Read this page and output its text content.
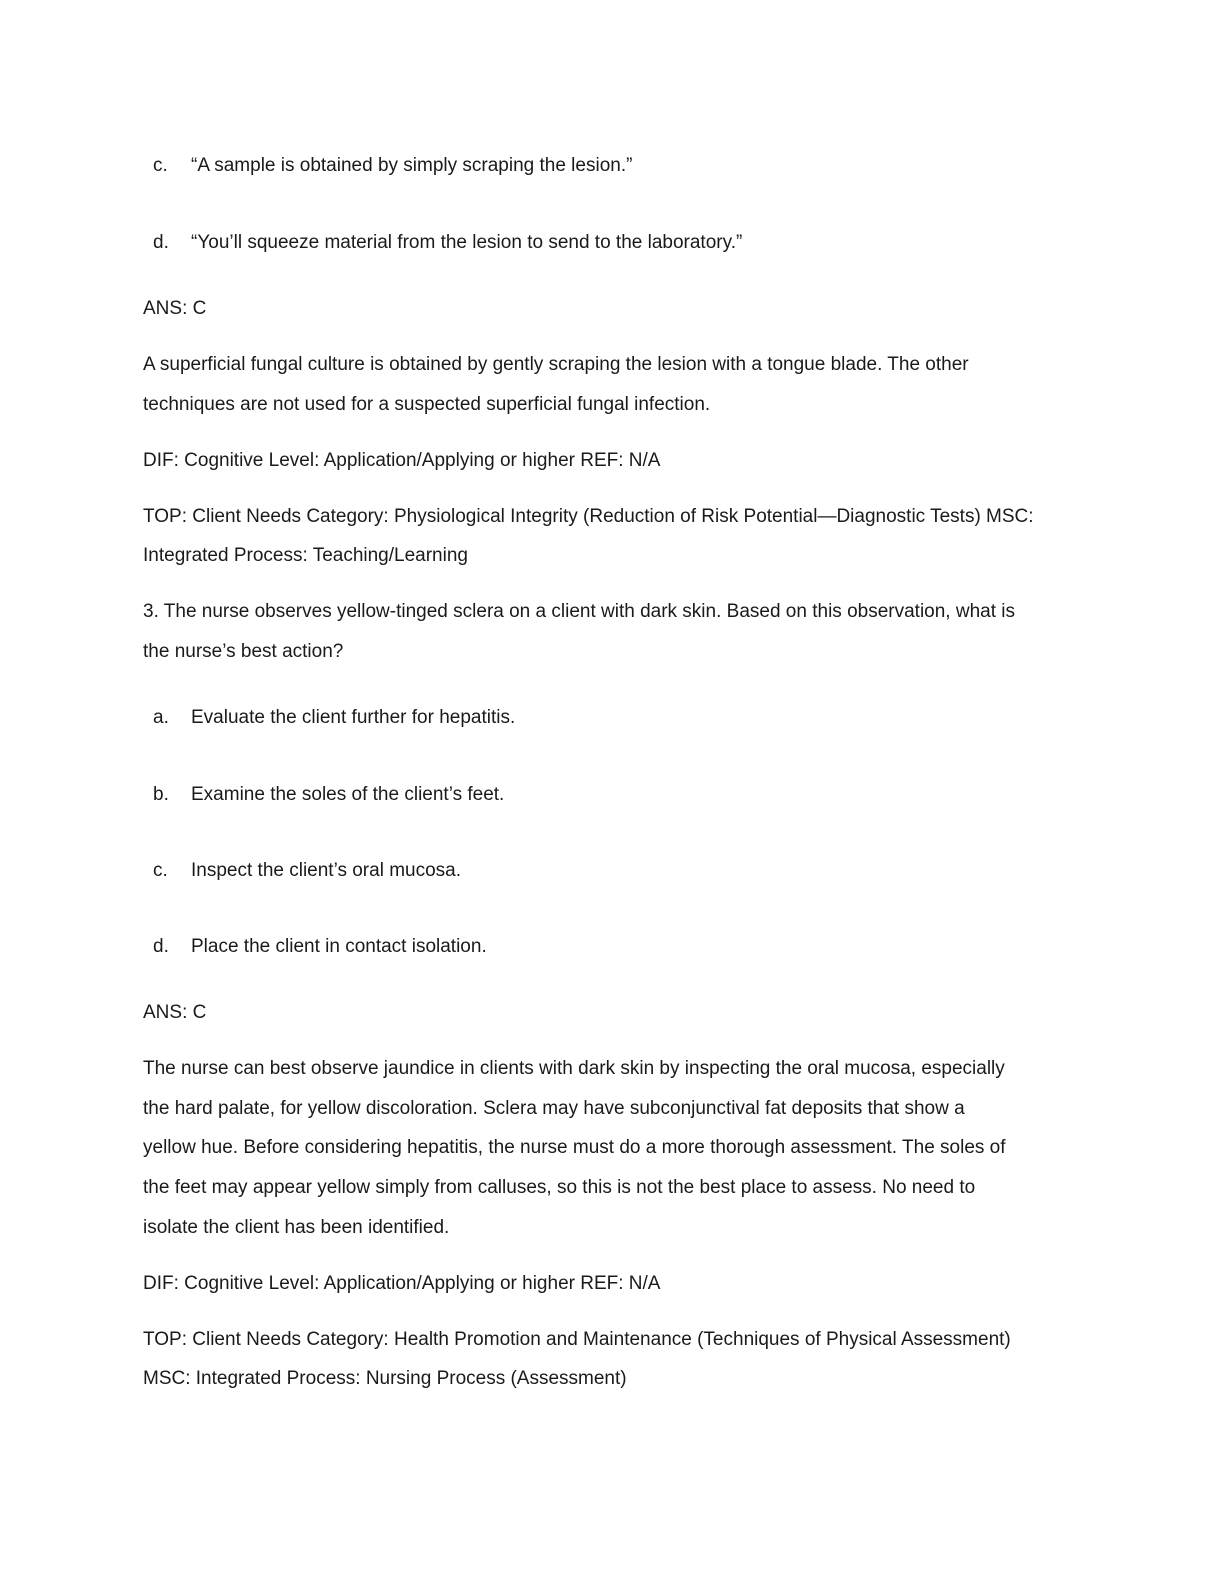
c. “A sample is obtained by simply scraping the lesion.”
d. “You’ll squeeze material from the lesion to send to the laboratory.”
ANS: C
A superficial fungal culture is obtained by gently scraping the lesion with a tongue blade. The other
techniques are not used for a suspected superficial fungal infection.
DIF: Cognitive Level: Application/Applying or higher REF: N/A
TOP: Client Needs Category: Physiological Integrity (Reduction of Risk Potential—Diagnostic Tests) MSC:
Integrated Process: Teaching/Learning
3. The nurse observes yellow-tinged sclera on a client with dark skin. Based on this observation, what is
the nurse’s best action?
a. Evaluate the client further for hepatitis.
b. Examine the soles of the client’s feet.
c. Inspect the client’s oral mucosa.
d. Place the client in contact isolation.
ANS: C
The nurse can best observe jaundice in clients with dark skin by inspecting the oral mucosa, especially
the hard palate, for yellow discoloration. Sclera may have subconjunctival fat deposits that show a
yellow hue. Before considering hepatitis, the nurse must do a more thorough assessment. The soles of
the feet may appear yellow simply from calluses, so this is not the best place to assess. No need to
isolate the client has been identified.
DIF: Cognitive Level: Application/Applying or higher REF: N/A
TOP: Client Needs Category: Health Promotion and Maintenance (Techniques of Physical Assessment)
MSC: Integrated Process: Nursing Process (Assessment)
